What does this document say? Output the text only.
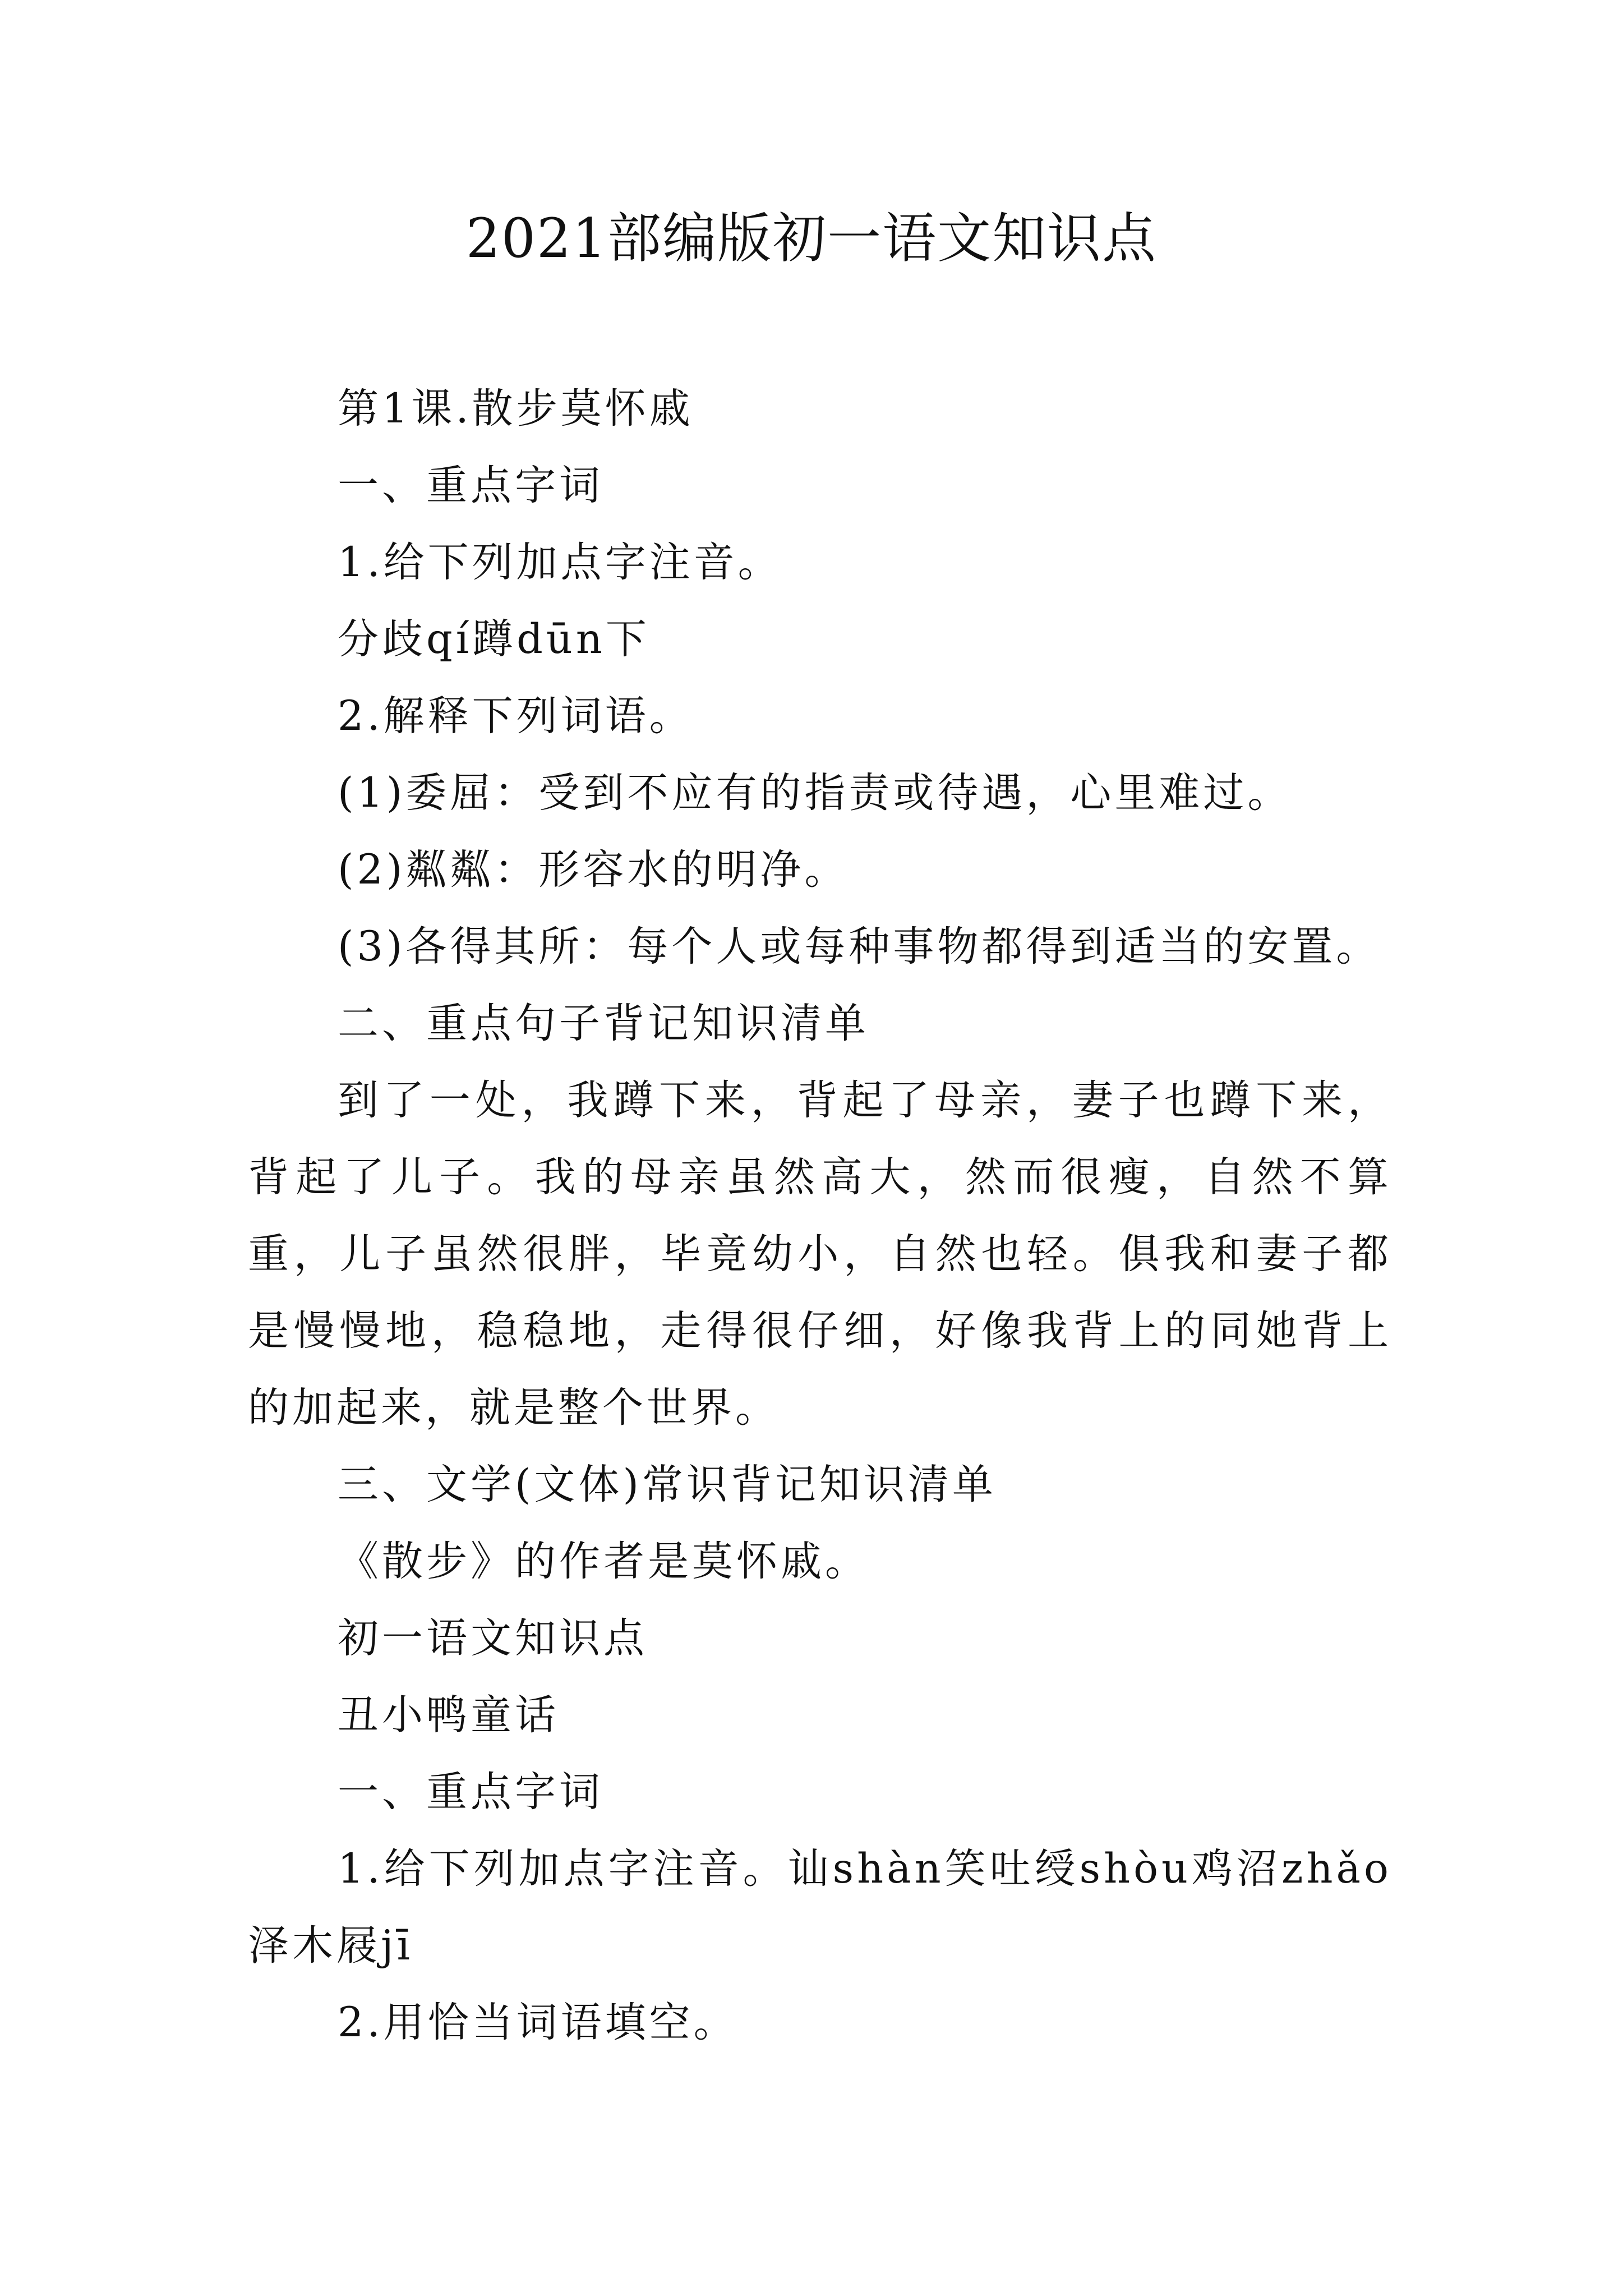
2021部编版初一语文知识点
第1课.散步莫怀戚
一、重点字词
1.给下列加点字注音。
分歧qí蹲dūn下
2.解释下列词语。
(1)委屈：受到不应有的指责或待遇，心里难过。
(2)粼粼：形容水的明净。
(3)各得其所：每个人或每种事物都得到适当的安置。
二、重点句子背记知识清单

到了一处，我蹲下来，背起了母亲，妻子也蹲下来，背起了儿子。我的母亲虽然高大，然而很瘦，自然不算重，儿子虽然很胖，毕竟幼小，自然也轻。俱我和妻子都是慢慢地，稳稳地，走得很仔细，好像我背上的同她背上的加起来，就是整个世界。

三、文学(文体)常识背记知识清单
《散步》的作者是莫怀戚。
初一语文知识点
丑小鸭童话
一、重点字词

1.给下列加点字注音。讪shàn笑吐绶shòu鸡沼zhǎo泽木屐jī

2.用恰当词语填空。
